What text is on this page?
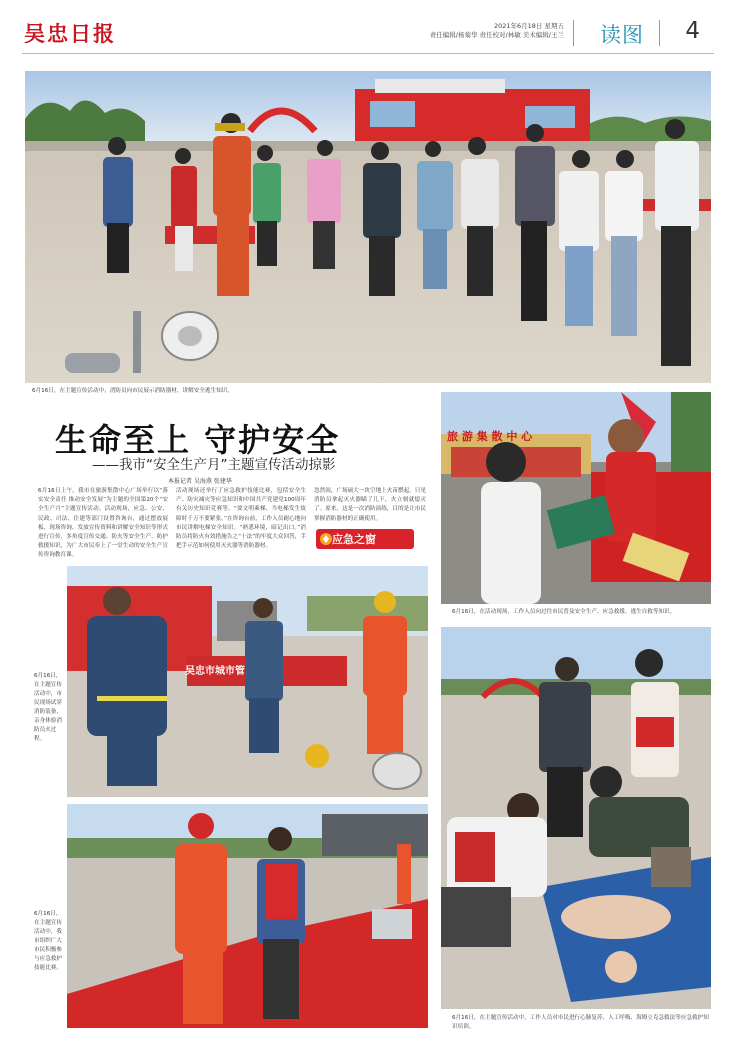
吴忠日报	2021年6月18日 星期五
责任编辑/杨菊华 责任校对/林敏 美术编辑/王兰 读图 4
6月16日，在主题宣传活动中，消防员向市民展示消防器材，讲解安全逃生知识。
生命至上 守护安全
——我市“安全生产月”主题宣传活动掠影
本报记者 吴海燕 张建华
6月16日上午，我市在旅游集散中心广场举行以“落实安全责任 推动安全发展”为主题的全国第20个“安全生产月”主题宣传活动。活动现场，应急、公安、民政、司法、住建等部门设置咨询台，通过摆放展板、现场咨询、发放宣传资料和讲解安全知识等形式进行宣传，多角度宣传交通、防火等安全生产、防护救援知识，为广大市民奉上了一堂生动的安全生产宣传咨询教育课。
活动现场还举行了应急救护技能比赛，包括安全生产、防灾减灾等应急知识和中国共产党建党100周年有关历史知识竞赛等。“要文明乘梯，当电梯发生故障时千万不要紧张。”在咨询台前，工作人员耐心地向市民讲解电梯安全知识。“熟悉环境，暗记出口。”消防员将防火有效措施告之“十法”的牢度大众回答，手把手示范如何使用灭火器等消防器材。
忽然间，广场硕大一块空地上火苗燃起。只见消防员拿起灭火器瞄了几下，火立刻就熄灭了。原来，这是一次消防演练，目的是让市民掌握消防器材的正确使用。
应急之窗
旅 游 集 散 中 心
6月16日，在活动现场，工作人员向过往市民普及安全生产、应急救援、逃生自救等知识。
吴忠市城市管
6月16日，在主题宣传活动中，市民现场试穿消防装备，亲身体验消防员火过程。
6月16日，在主题宣传活动中，我市组织广大市民积极参与应急救护技能比赛。
6月16日，在主题宣传活动中，工作人员对市民进行心肺复苏、人工呼吸、海姆立克急救法等应急救护知识培训。
